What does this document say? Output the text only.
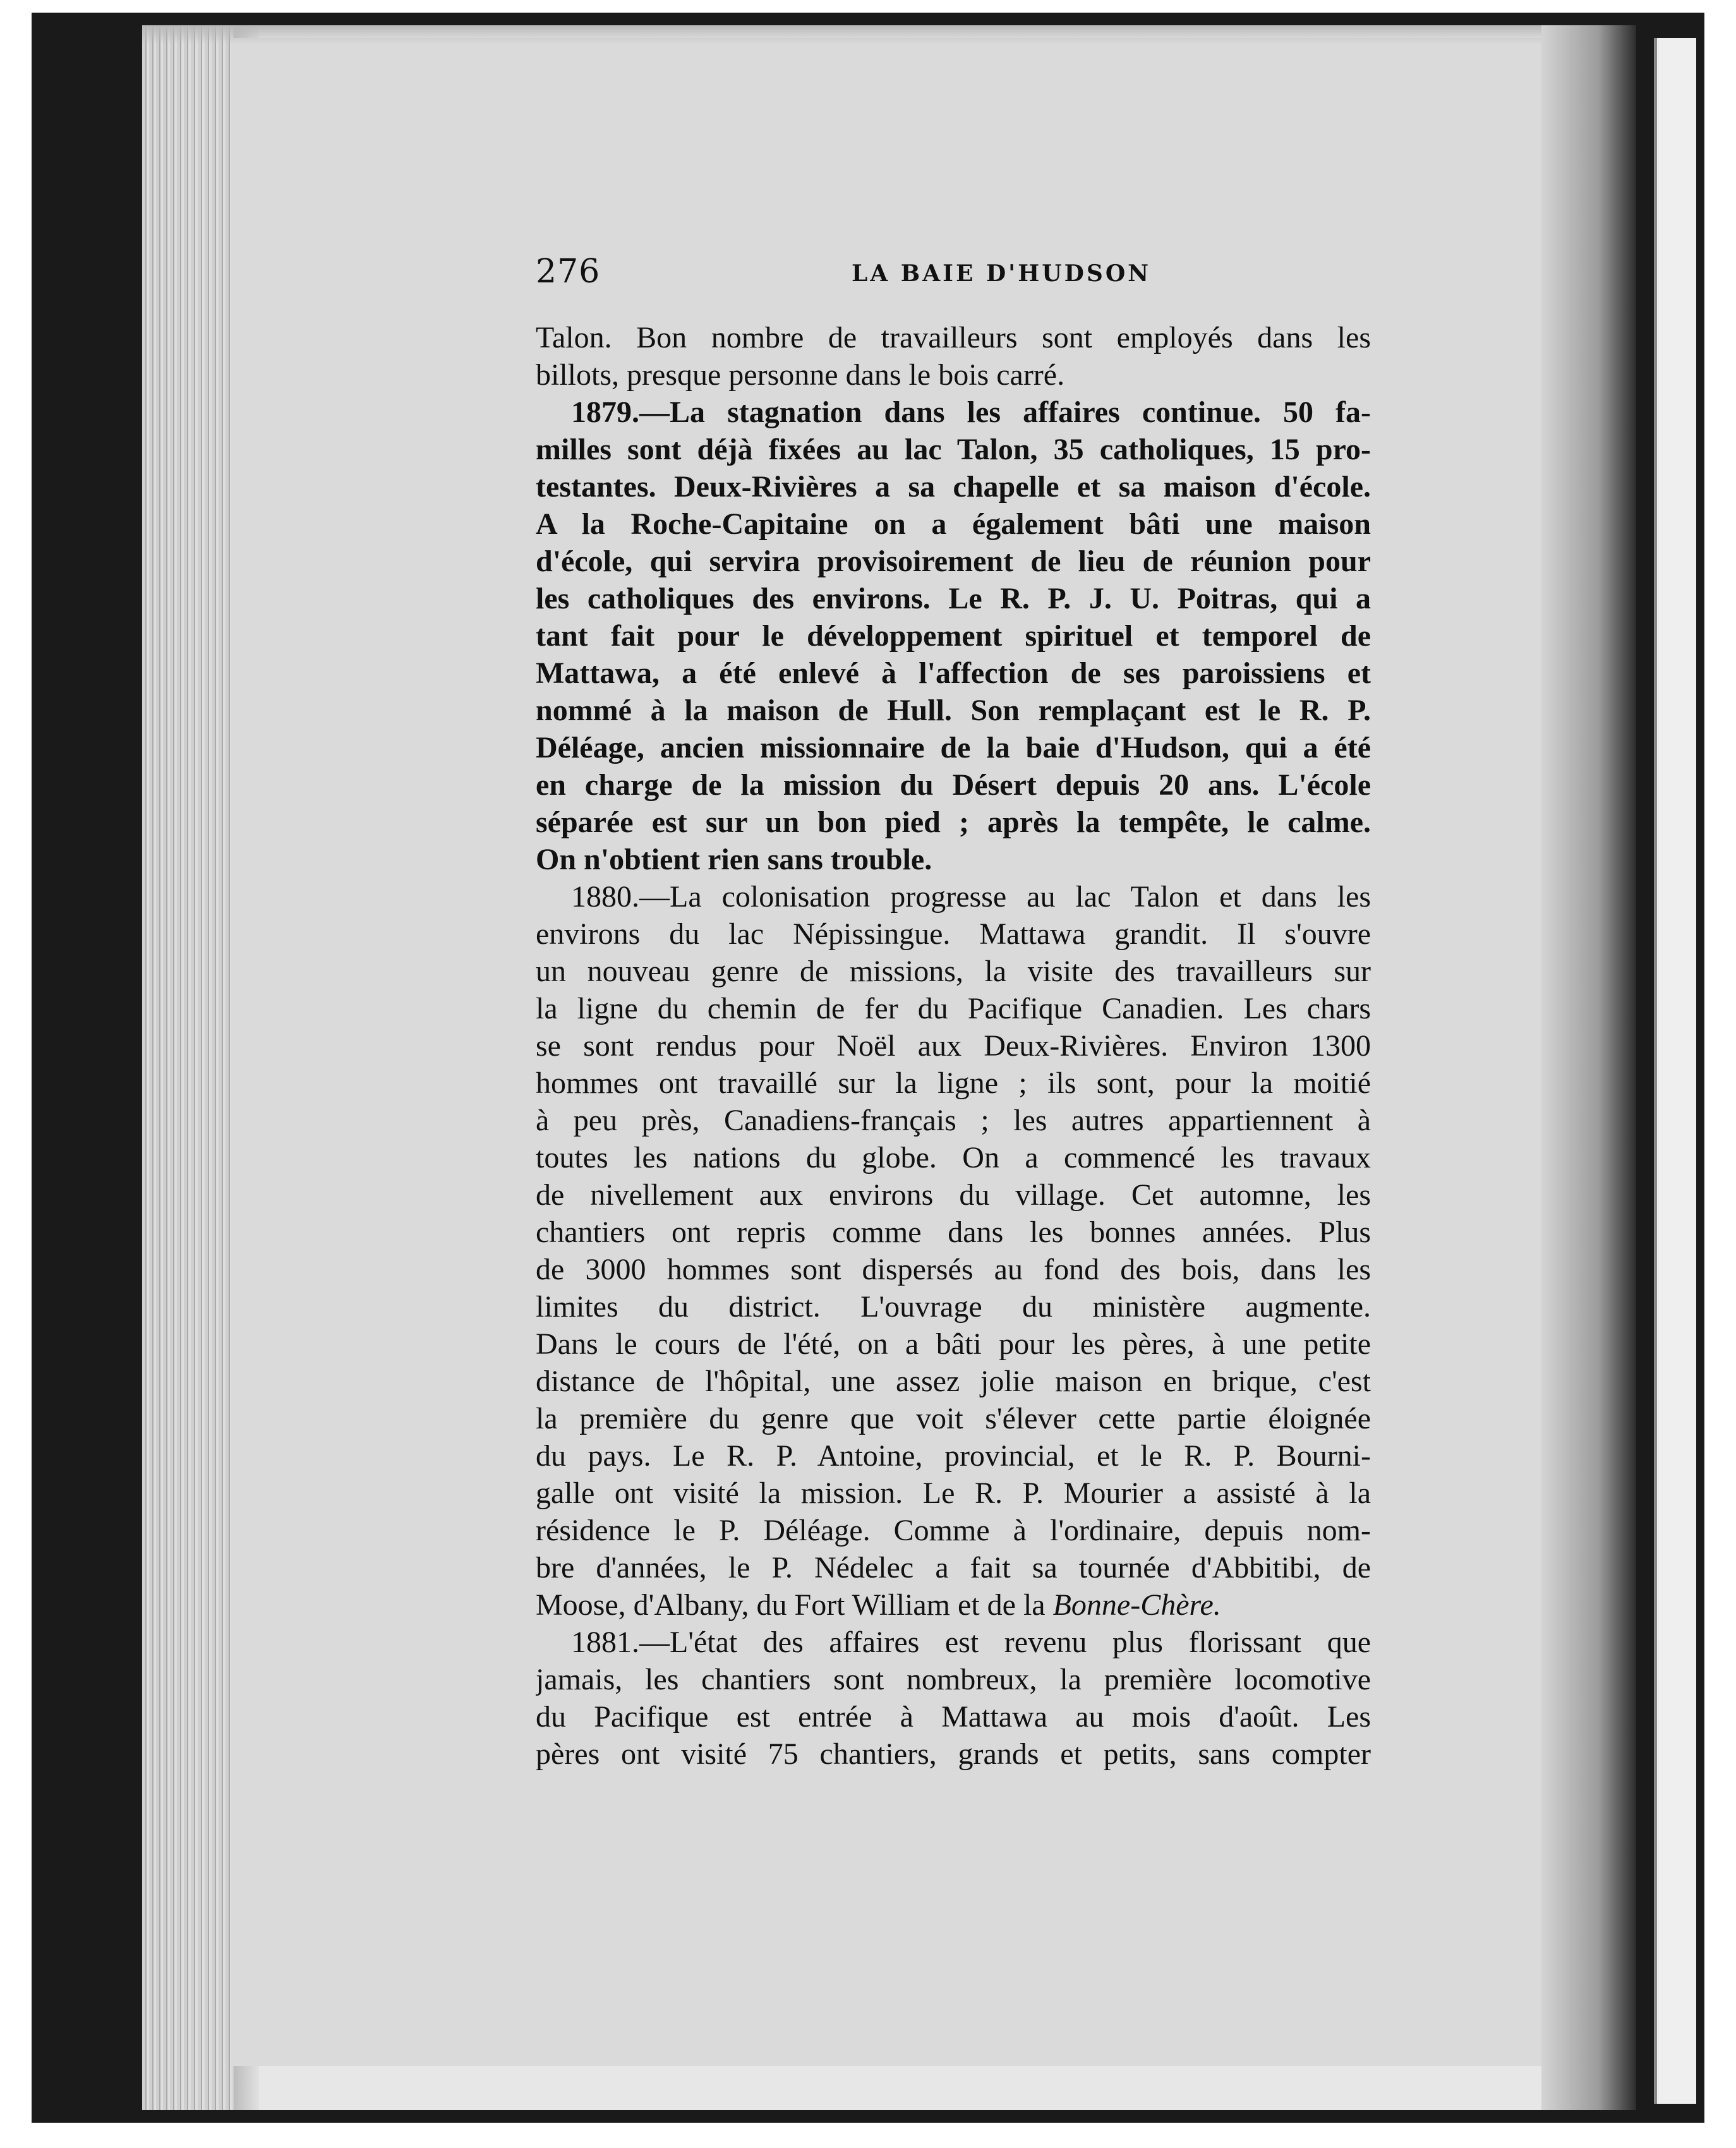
276	LA BAIE D'HUDSON
Talon. Bon nombre de travailleurs sont employés dans les
billots, presque personne dans le bois carré.
1879.—La stagnation dans les affaires continue. 50 fa-
milles sont déjà fixées au lac Talon, 35 catholiques, 15 pro-
testantes. Deux-Rivières a sa chapelle et sa maison d'école.
A la Roche-Capitaine on a également bâti une maison
d'école, qui servira provisoirement de lieu de réunion pour
les catholiques des environs. Le R. P. J. U. Poitras, qui a
tant fait pour le développement spirituel et temporel de
Mattawa, a été enlevé à l'affection de ses paroissiens et
nommé à la maison de Hull. Son remplaçant est le R. P.
Déléage, ancien missionnaire de la baie d'Hudson, qui a été
en charge de la mission du Désert depuis 20 ans. L'école
séparée est sur un bon pied ; après la tempête, le calme.
On n'obtient rien sans trouble.
1880.—La colonisation progresse au lac Talon et dans les
environs du lac Népissingue. Mattawa grandit. Il s'ouvre
un nouveau genre de missions, la visite des travailleurs sur
la ligne du chemin de fer du Pacifique Canadien. Les chars
se sont rendus pour Noël aux Deux-Rivières. Environ 1300
hommes ont travaillé sur la ligne ; ils sont, pour la moitié
à peu près, Canadiens-français ; les autres appartiennent à
toutes les nations du globe. On a commencé les travaux
de nivellement aux environs du village. Cet automne, les
chantiers ont repris comme dans les bonnes années. Plus
de 3000 hommes sont dispersés au fond des bois, dans les
limites du district. L'ouvrage du ministère augmente.
Dans le cours de l'été, on a bâti pour les pères, à une petite
distance de l'hôpital, une assez jolie maison en brique, c'est
la première du genre que voit s'élever cette partie éloignée
du pays. Le R. P. Antoine, provincial, et le R. P. Bourni-
galle ont visité la mission. Le R. P. Mourier a assisté à la
résidence le P. Déléage. Comme à l'ordinaire, depuis nom-
bre d'années, le P. Nédelec a fait sa tournée d'Abbitibi, de
Moose, d'Albany, du Fort William et de la Bonne-Chère.
1881.—L'état des affaires est revenu plus florissant que
jamais, les chantiers sont nombreux, la première locomotive
du Pacifique est entrée à Mattawa au mois d'août. Les
pères ont visité 75 chantiers, grands et petits, sans compter
